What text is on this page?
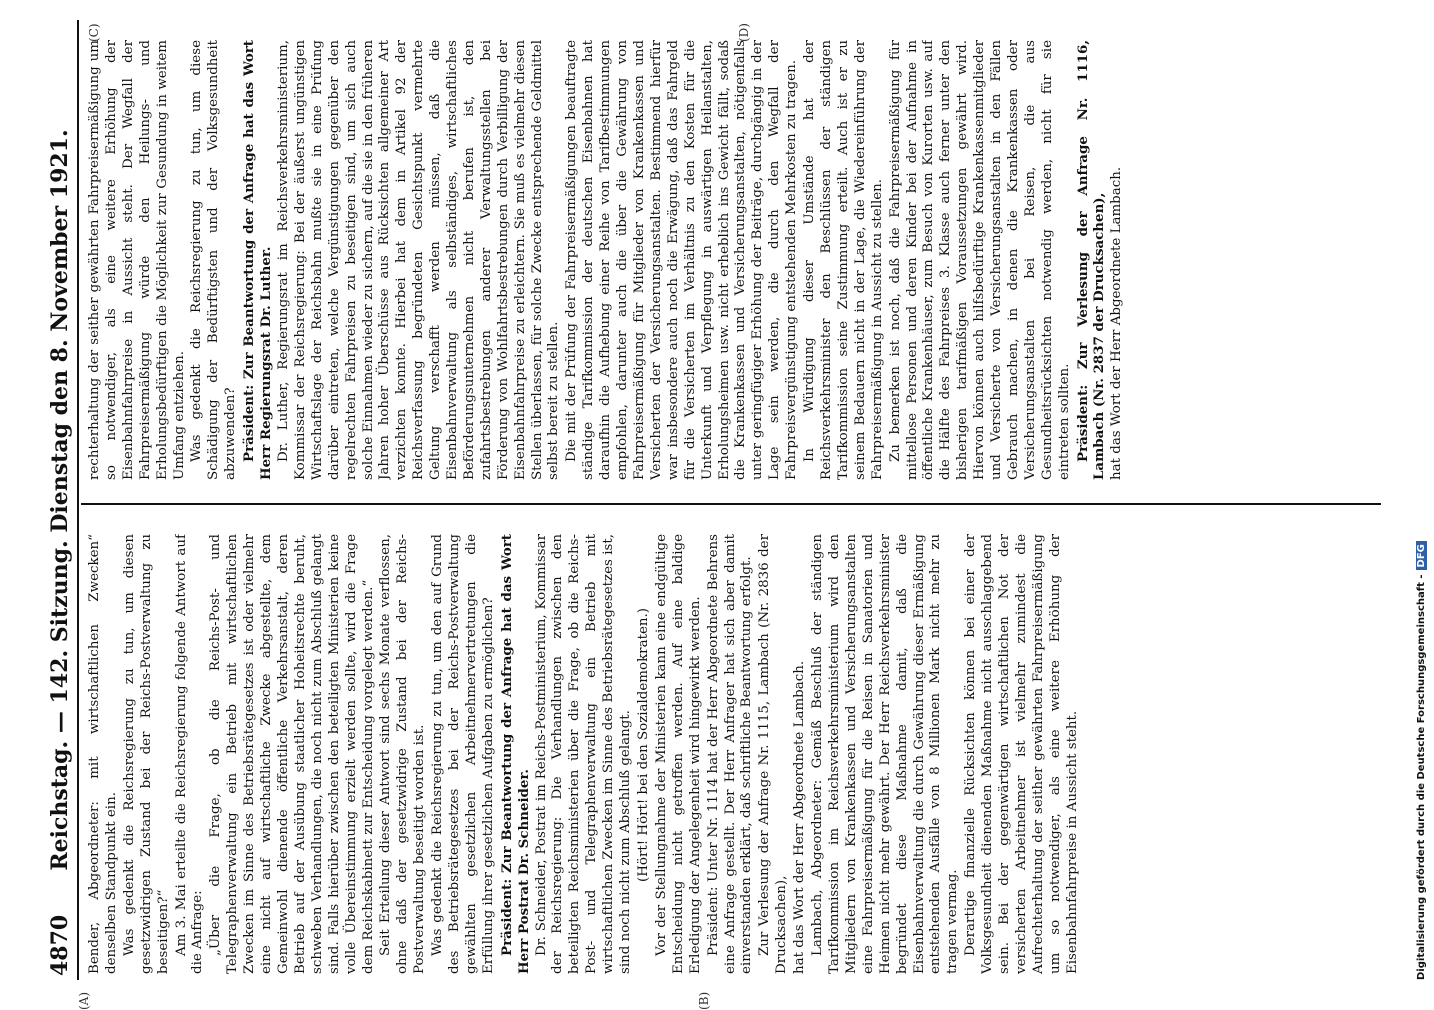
4870
Reichstag. — 142. Sitzung. Dienstag den 8. November 1921.
(A)	(B)
(C)	(D)

Bender, Abgeordneter: mit wirtschaftlichen Zwecken“ denselben Standpunkt ein. Was gedenkt die Reichsregierung zu tun, um diesen gesetzwidrigen Zustand bei der Reichs-Postverwaltung zu beseitigen?“ Am 3. Mai erteilte die Reichsregierung folgende Antwort auf die Anfrage: „Über die Frage, ob die Reichs-Post- und Telegraphenverwaltung ein Betrieb mit wirtschaftlichen Zwecken im Sinne des Betriebsrätegesetzes ist oder vielmehr eine nicht auf wirtschaftliche Zwecke abgestellte, dem Gemeinwohl dienende öffentliche Verkehrsanstalt, deren Betrieb auf der Ausübung staatlicher Hoheitsrechte beruht, schweben Verhandlungen, die noch nicht zum Abschluß gelangt sind. Falls hierüber zwischen den beteiligten Ministerien keine volle Übereinstimmung erzielt werden sollte, wird die Frage dem Reichskabinett zur Entscheidung vorgelegt werden.“ Seit Erteilung dieser Antwort sind sechs Monate verflossen, ohne daß der gesetzwidrige Zustand bei der Reichs-Postverwaltung beseitigt worden ist. Was gedenkt die Reichsregierung zu tun, um den auf Grund des Betriebsrätegesetzes bei der Reichs-Postverwaltung gewählten gesetzlichen Arbeitnehmervertretungen die Erfüllung ihrer gesetzlichen Aufgaben zu ermöglichen? Präsident: Zur Beantwortung der Anfrage hat das Wort Herr Postrat Dr. Schneider. Dr. Schneider, Postrat im Reichs-Postministerium, Kommissar der Reichsregierung: Die Verhandlungen zwischen den beteiligten Reichsministerien über die Frage, ob die Reichs-Post- und Telegraphenverwaltung ein Betrieb mit wirtschaftlichen Zwecken im Sinne des Betriebsrätegesetzes ist, sind noch nicht zum Abschluß gelangt. (Hört! Hört! bei den Sozialdemokraten.) Vor der Stellungnahme der Ministerien kann eine endgültige Entscheidung nicht getroffen werden. Auf eine baldige Erledigung der Angelegenheit wird hingewirkt werden. Präsident: Unter Nr. 1114 hat der Herr Abgeordnete Behrens eine Anfrage gestellt. Der Herr Anfrager hat sich aber damit einverstanden erklärt, daß schriftliche Beantwortung erfolgt. Zur Verlesung der Anfrage Nr. 1115, Lambach (Nr. 2836 der Drucksachen), hat das Wort der Herr Abgeordnete Lambach. Lambach, Abgeordneter: Gemäß Beschluß der ständigen Tarifkommission im Reichsverkehrsministerium wird den Mitgliedern von Krankenkassen und Versicherungsanstalten eine Fahrpreisermäßigung für die Reisen in Sanatorien und Heimen nicht mehr gewährt. Der Herr Reichsverkehrsminister begründet diese Maßnahme damit, daß die Eisenbahnverwaltung die durch Gewährung dieser Ermäßigung entstehenden Ausfälle von 8 Millionen Mark nicht mehr zu tragen vermag. Derartige finanzielle Rücksichten können bei einer der Volksgesundheit dienenden Maßnahme nicht ausschlaggebend sein. Bei der gegenwärtigen wirtschaftlichen Not der versicherten Arbeitnehmer ist vielmehr zumindest die Aufrechterhaltung der seither gewährten Fahrpreisermäßigung um so notwendiger, als eine weitere Erhöhung der Eisenbahnfahrpreise in Aussicht steht.

rechterhaltung der seither gewährten Fahrpreisermäßigung um so notwendiger, als eine weitere Erhöhung der Eisenbahnfahrpreise in Aussicht steht. Der Wegfall der Fahrpreisermäßigung würde den Heilungs- und Erholungsbedürftigen die Möglichkeit zur Gesundung in weitem Umfang entziehen. Was gedenkt die Reichsregierung zu tun, um diese Schädigung der Bedürftigsten und der Volksgesundheit abzuwenden? Präsident: Zur Beantwortung der Anfrage hat das Wort Herr Regierungsrat Dr. Luther. Dr. Luther, Regierungsrat im Reichsverkehrsministerium, Kommissar der Reichsregierung: Bei der äußerst ungünstigen Wirtschaftslage der Reichsbahn mußte sie in eine Prüfung darüber eintreten, welche Vergünstigungen gegenüber den regelrechten Fahrpreisen zu beseitigen sind, um sich auch solche Einnahmen wieder zu sichern, auf die sie in den früheren Jahren hoher Überschüsse aus Rücksichten allgemeiner Art verzichten konnte. Hierbei hat dem in Artikel 92 der Reichsverfassung begründeten Gesichtspunkt vermehrte Geltung verschafft werden müssen, daß die Eisenbahnverwaltung als selbständiges, wirtschaftliches Beförderungsunternehmen nicht berufen ist, den zufahrtsbestrebungen anderer Verwaltungsstellen bei Förderung von Wohlfahrtsbestrebungen durch Verbilligung der Eisenbahnfahrpreise zu erleichtern. Sie muß es vielmehr diesen Stellen überlassen, für solche Zwecke entsprechende Geldmittel selbst bereit zu stellen. Die mit der Prüfung der Fahrpreisermäßigungen beauftragte ständige Tarifkommission der deutschen Eisenbahnen hat daraufhin die Aufhebung einer Reihe von Tarifbestimmungen empfohlen, darunter auch die über die Gewährung von Fahrpreisermäßigung für Mitglieder von Krankenkassen und Versicherten der Versicherungsanstalten. Bestimmend hierfür war insbesondere auch noch die Erwägung, daß das Fahrgeld für die Versicherten im Verhältnis zu den Kosten für die Unterkunft und Verpflegung in auswärtigen Heilanstalten, Erholungsheimen usw. nicht erheblich ins Gewicht fällt, sodaß die Krankenkassen und Versicherungsanstalten, nötigenfalls unter geringfügiger Erhöhung der Beiträge, durchgängig in der Lage sein werden, die durch den Wegfall der Fahrpreisvergünstigung entstehenden Mehrkosten zu tragen. In Würdigung dieser Umstände hat der Reichsverkehrsminister den Beschlüssen der ständigen Tarifkommission seine Zustimmung erteilt. Auch ist er zu seinem Bedauern nicht in der Lage, die Wiedereinführung der Fahrpreisermäßigung in Aussicht zu stellen. Zu bemerken ist noch, daß die Fahrpreisermäßigung für mittellose Personen und deren Kinder bei der Aufnahme in öffentliche Krankenhäuser, zum Besuch von Kurorten usw. auf die Hälfte des Fahrpreises 3. Klasse auch ferner unter den bisherigen tarifmäßigen Voraussetzungen gewährt wird. Hiervon können auch hilfsbedürftige Krankenkassenmitglieder und Versicherte von Versicherungsanstalten in den Fällen Gebrauch machen, in denen die Krankenkassen oder Versicherungsanstalten bei Reisen, die aus Gesundheitsrücksichten notwendig werden, nicht für sie eintreten sollten. Präsident: Zur Verlesung der Anfrage Nr. 1116, Lambach (Nr. 2837 der Drucksachen), hat das Wort der Herr Abgeordnete Lambach.

Digitalisierung gefördert durch die Deutsche Forschungsgemeinschaft -DFG
